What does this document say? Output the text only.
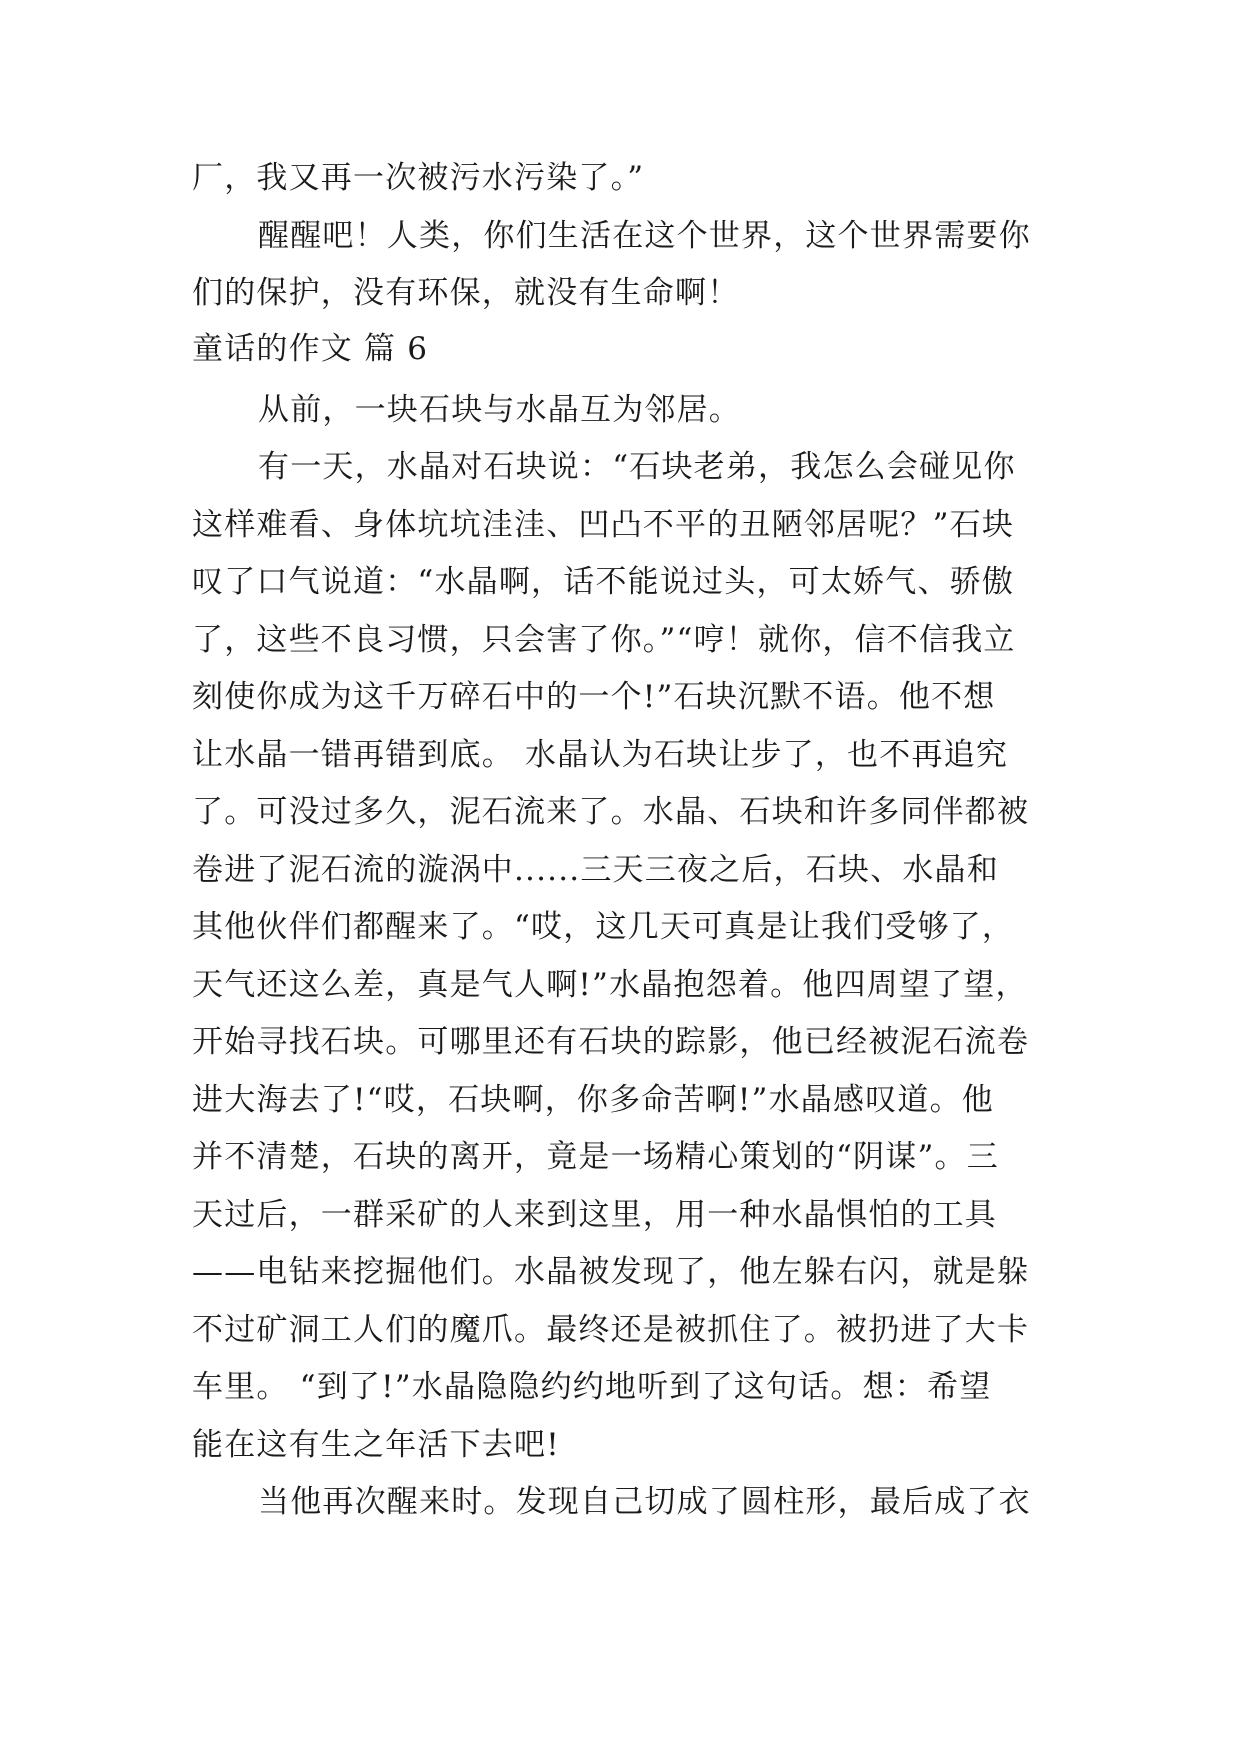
厂，我又再一次被污水污染了。”
醒醒吧！人类，你们生活在这个世界，这个世界需要你
们的保护，没有环保，就没有生命啊！
童话的作文 篇 6
从前，一块石块与水晶互为邻居。
有一天，水晶对石块说：“石块老弟，我怎么会碰见你
这样难看、身体坑坑洼洼、凹凸不平的丑陋邻居呢？”石块
叹了口气说道：“水晶啊，话不能说过头，可太娇气、骄傲
了，这些不良习惯，只会害了你。”“哼！就你，信不信我立
刻使你成为这千万碎石中的一个!”石块沉默不语。他不想
让水晶一错再错到底。 水晶认为石块让步了，也不再追究
了。可没过多久，泥石流来了。水晶、石块和许多同伴都被
卷进了泥石流的漩涡中......三天三夜之后，石块、水晶和
其他伙伴们都醒来了。“哎，这几天可真是让我们受够了，
天气还这么差，真是气人啊!”水晶抱怨着。他四周望了望，
开始寻找石块。可哪里还有石块的踪影，他已经被泥石流卷
进大海去了!“哎，石块啊，你多命苦啊!”水晶感叹道。他
并不清楚，石块的离开，竟是一场精心策划的“阴谋”。三
天过后，一群采矿的人来到这里，用一种水晶惧怕的工具
——电钻来挖掘他们。水晶被发现了，他左躲右闪，就是躲
不过矿洞工人们的魔爪。最终还是被抓住了。被扔进了大卡
车里。 “到了!”水晶隐隐约约地听到了这句话。想：希望
能在这有生之年活下去吧!
当他再次醒来时。发现自己切成了圆柱形，最后成了衣
